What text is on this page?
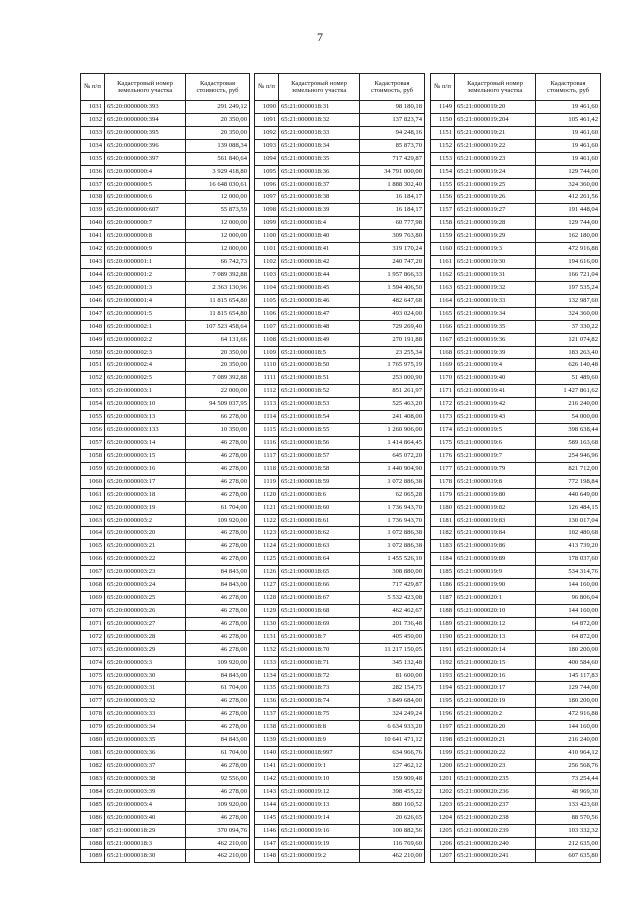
7
№ п/п	Кадастровый номер земельного участка	Кадастровая стоимость, руб
1031	65:20:0000000:393	291 249,12
1032	65:20:0000000:394	20 350,00
1033	65:20:0000000:395	20 350,00
1034	65:20:0000000:396	139 088,34
1035	65:20:0000000:397	561 840,64
1036	65:20:0000000:4	3 929 418,80
1037	65:20:0000000:5	16 648 030,61
1038	65:20:0000000:6	12 000,00
1039	65:20:0000000:607	55 873,59
1040	65:20:0000000:7	12 000,00
1041	65:20:0000000:8	12 000,00
1042	65:20:0000000:9	12 000,00
1043	65:20:0000001:1	66 742,73
1044	65:20:0000001:2	7 089 392,88
1045	65:20:0000001:3	2 363 130,96
1046	65:20:0000001:4	11 815 654,80
1047	65:20:0000001:5	11 815 654,80
1048	65:20:0000002:1	107 523 458,64
1049	65:20:0000002:2	64 131,66
1050	65:20:0000002:3	20 350,00
1051	65:20:0000002:4	20 350,00
1052	65:20:0000002:5	7 089 392,88
1053	65:20:0000003:1	22 000,00
1054	65:20:0000003:10	94 509 037,95
1055	65:20:0000003:13	66 278,00
1056	65:20:0000003:133	10 350,00
1057	65:20:0000003:14	46 278,00
1058	65:20:0000003:15	46 278,00
1059	65:20:0000003:16	46 278,00
1060	65:20:0000003:17	46 278,00
1061	65:20:0000003:18	46 278,00
1062	65:20:0000003:19	61 704,00
1063	65:20:0000003:2	109 920,00
1064	65:20:0000003:20	46 278,00
1065	65:20:0000003:21	46 278,00
1066	65:20:0000003:22	46 278,00
1067	65:20:0000003:23	84 843,00
1068	65:20:0000003:24	84 843,00
1069	65:20:0000003:25	46 278,00
1070	65:20:0000003:26	46 278,00
1071	65:20:0000003:27	46 278,00
1072	65:20:0000003:28	46 278,00
1073	65:20:0000003:29	46 278,00
1074	65:20:0000003:3	109 920,00
1075	65:20:0000003:30	84 843,00
1076	65:20:0000003:31	61 704,00
1077	65:20:0000003:32	46 278,00
1078	65:20:0000003:33	46 278,00
1079	65:20:0000003:34	46 278,00
1080	65:20:0000003:35	84 843,00
1081	65:20:0000003:36	61 704,00
1082	65:20:0000003:37	46 278,00
1083	65:20:0000003:38	92 556,00
1084	65:20:0000003:39	46 278,00
1085	65:20:0000003:4	109 920,00
1086	65:20:0000003:40	46 278,00
1087	65:21:0000018:29	370 094,76
1088	65:21:0000018:3	462 210,00
1089	65:21:0000018:30	462 210,00
№ п/п	Кадастровый номер земельного участка	Кадастровая стоимость, руб
1090	65:21:0000018:31	98 180,18
1091	65:21:0000018:32	137 823,74
1092	65:21:0000018:33	94 248,16
1093	65:21:0000018:34	85 873,70
1094	65:21:0000018:35	717 429,87
1095	65:21:0000018:36	34 791 000,00
1096	65:21:0000018:37	1 888 302,40
1097	65:21:0000018:38	16 184,17
1098	65:21:0000018:39	16 184,17
1099	65:21:0000018:4	60 777,98
1100	65:21:0000018:40	309 763,80
1101	65:21:0000018:41	319 170,24
1102	65:21:0000018:42	240 747,20
1103	65:21:0000018:44	1 957 866,33
1104	65:21:0000018:45	1 594 406,50
1105	65:21:0000018:46	482 647,68
1106	65:21:0000018:47	493 024,00
1107	65:21:0000018:48	729 269,40
1108	65:21:0000018:49	270 191,88
1109	65:21:0000018:5	23 255,34
1110	65:21:0000018:50	1 765 975,19
1111	65:21:0000018:51	253 000,90
1112	65:21:0000018:52	851 261,97
1113	65:21:0000018:53	525 463,20
1114	65:21:0000018:54	241 408,00
1115	65:21:0000018:55	1 260 906,00
1116	65:21:0000018:56	1 414 864,45
1117	65:21:0000018:57	645 072,20
1118	65:21:0000018:58	1 440 904,90
1119	65:21:0000018:59	1 072 886,38
1120	65:21:0000018:6	62 065,28
1121	65:21:0000018:60	1 736 943,70
1122	65:21:0000018:61	1 736 943,70
1123	65:21:0000018:62	1 072 886,38
1124	65:21:0000018:63	1 072 886,38
1125	65:21:0000018:64	1 455 526,10
1126	65:21:0000018:65	308 880,00
1127	65:21:0000018:66	717 429,87
1128	65:21:0000018:67	5 532 423,08
1129	65:21:0000018:68	462 462,67
1130	65:21:0000018:69	201 736,48
1131	65:21:0000018:7	405 450,00
1132	65:21:0000018:70	11 217 150,05
1133	65:21:0000018:71	345 132,48
1134	65:21:0000018:72	81 600,00
1135	65:21:0000018:73	282 154,75
1136	65:21:0000018:74	3 849 684,00
1137	65:21:0000018:75	324 249,24
1138	65:21:0000018:8	6 634 933,20
1139	65:21:0000018:9	10 641 471,12
1140	65:21:0000018:997	634 966,76
1141	65:21:0000019:1	127 462,12
1142	65:21:0000019:10	159 909,48
1143	65:21:0000019:12	398 455,22
1144	65:21:0000019:13	880 160,52
1145	65:21:0000019:14	20 626,65
1146	65:21:0000019:16	100 882,56
1147	65:21:0000019:19	116 769,60
1148	65:21:0000019:2	462 210,00
№ п/п	Кадастровый номер земельного участка	Кадастровая стоимость, руб
1149	65:21:0000019:20	19 461,60
1150	65:21:0000019:204	105 461,42
1151	65:21:0000019:21	19 461,60
1152	65:21:0000019:22	19 461,60
1153	65:21:0000019:23	19 461,60
1154	65:21:0000019:24	129 744,00
1155	65:21:0000019:25	324 360,00
1156	65:21:0000019:26	412 261,56
1157	65:21:0000019:27	191 448,04
1158	65:21:0000019:28	129 744,00
1159	65:21:0000019:29	162 180,00
1160	65:21:0000019:3	472 916,88
1161	65:21:0000019:30	194 616,00
1162	65:21:0000019:31	166 721,04
1163	65:21:0000019:32	197 535,24
1164	65:21:0000019:33	132 987,60
1165	65:21:0000019:34	324 360,00
1166	65:21:0000019:35	37 330,22
1167	65:21:0000019:36	121 074,82
1168	65:21:0000019:39	183 263,40
1169	65:21:0000019:4	626 140,48
1170	65:21:0000019:40	51 489,60
1171	65:21:0000019:41	1 427 861,62
1172	65:21:0000019:42	216 240,00
1173	65:21:0000019:43	54 000,00
1174	65:21:0000019:5	398 638,44
1175	65:21:0000019:6	589 163,68
1176	65:21:0000019:7	254 946,96
1177	65:21:0000019:79	821 712,00
1178	65:21:0000019:8	772 198,84
1179	65:21:0000019:80	440 649,00
1180	65:21:0000019:82	126 484,15
1181	65:21:0000019:83	130 017,04
1182	65:21:0000019:84	102 480,68
1183	65:21:0000019:86	413 739,20
1184	65:21:0000019:89	178 037,60
1185	65:21:0000019:9	534 314,76
1186	65:21:0000019:90	144 160,00
1187	65:21:0000020:1	96 806,04
1188	65:21:0000020:10	144 160,00
1189	65:21:0000020:12	64 872,00
1190	65:21:0000020:13	64 872,00
1191	65:21:0000020:14	180 200,00
1192	65:21:0000020:15	400 584,60
1193	65:21:0000020:16	145 117,83
1194	65:21:0000020:17	129 744,00
1195	65:21:0000020:19	180 200,00
1196	65:21:0000020:2	472 916,88
1197	65:21:0000020:20	144 160,00
1198	65:21:0000020:21	216 240,00
1199	65:21:0000020:22	410 964,12
1200	65:21:0000020:23	256 568,76
1201	65:21:0000020:235	73 254,44
1202	65:21:0000020:236	48 969,30
1203	65:21:0000020:237	133 423,60
1204	65:21:0000020:238	88 570,56
1205	65:21:0000020:239	103 332,32
1206	65:21:0000020:240	212 635,00
1207	65:21:0000020:241	607 635,80
